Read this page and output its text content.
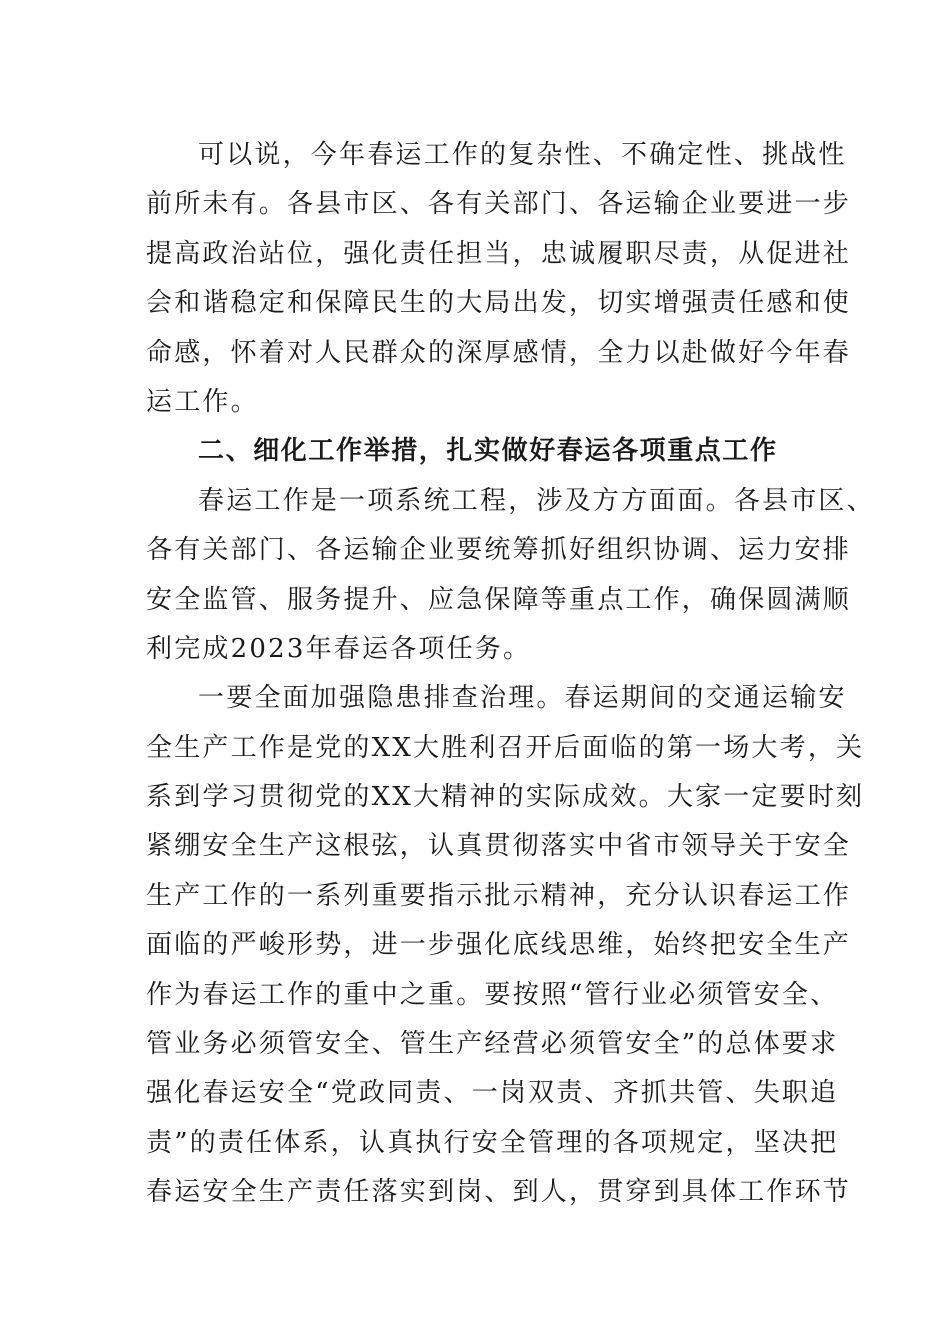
可以说，今年春运工作的复杂性、不确定性、挑战性
前所未有。各县市区、各有关部门、各运输企业要进一步
提高政治站位，强化责任担当，忠诚履职尽责，从促进社
会和谐稳定和保障民生的大局出发，切实增强责任感和使
命感，怀着对人民群众的深厚感情，全力以赴做好今年春
运工作。
二、细化工作举措，扎实做好春运各项重点工作
春运工作是一项系统工程，涉及方方面面。各县市区、
各有关部门、各运输企业要统筹抓好组织协调、运力安排
安全监管、服务提升、应急保障等重点工作，确保圆满顺
利完成2023年春运各项任务。
一要全面加强隐患排查治理。春运期间的交通运输安
全生产工作是党的XX大胜利召开后面临的第一场大考，关
系到学习贯彻党的XX大精神的实际成效。大家一定要时刻
紧绷安全生产这根弦，认真贯彻落实中省市领导关于安全
生产工作的一系列重要指示批示精神，充分认识春运工作
面临的严峻形势，进一步强化底线思维，始终把安全生产
作为春运工作的重中之重。要按照“管行业必须管安全、
管业务必须管安全、管生产经营必须管安全”的总体要求
强化春运安全“党政同责、一岗双责、齐抓共管、失职追
责”的责任体系，认真执行安全管理的各项规定，坚决把
春运安全生产责任落实到岗、到人，贯穿到具体工作环节
